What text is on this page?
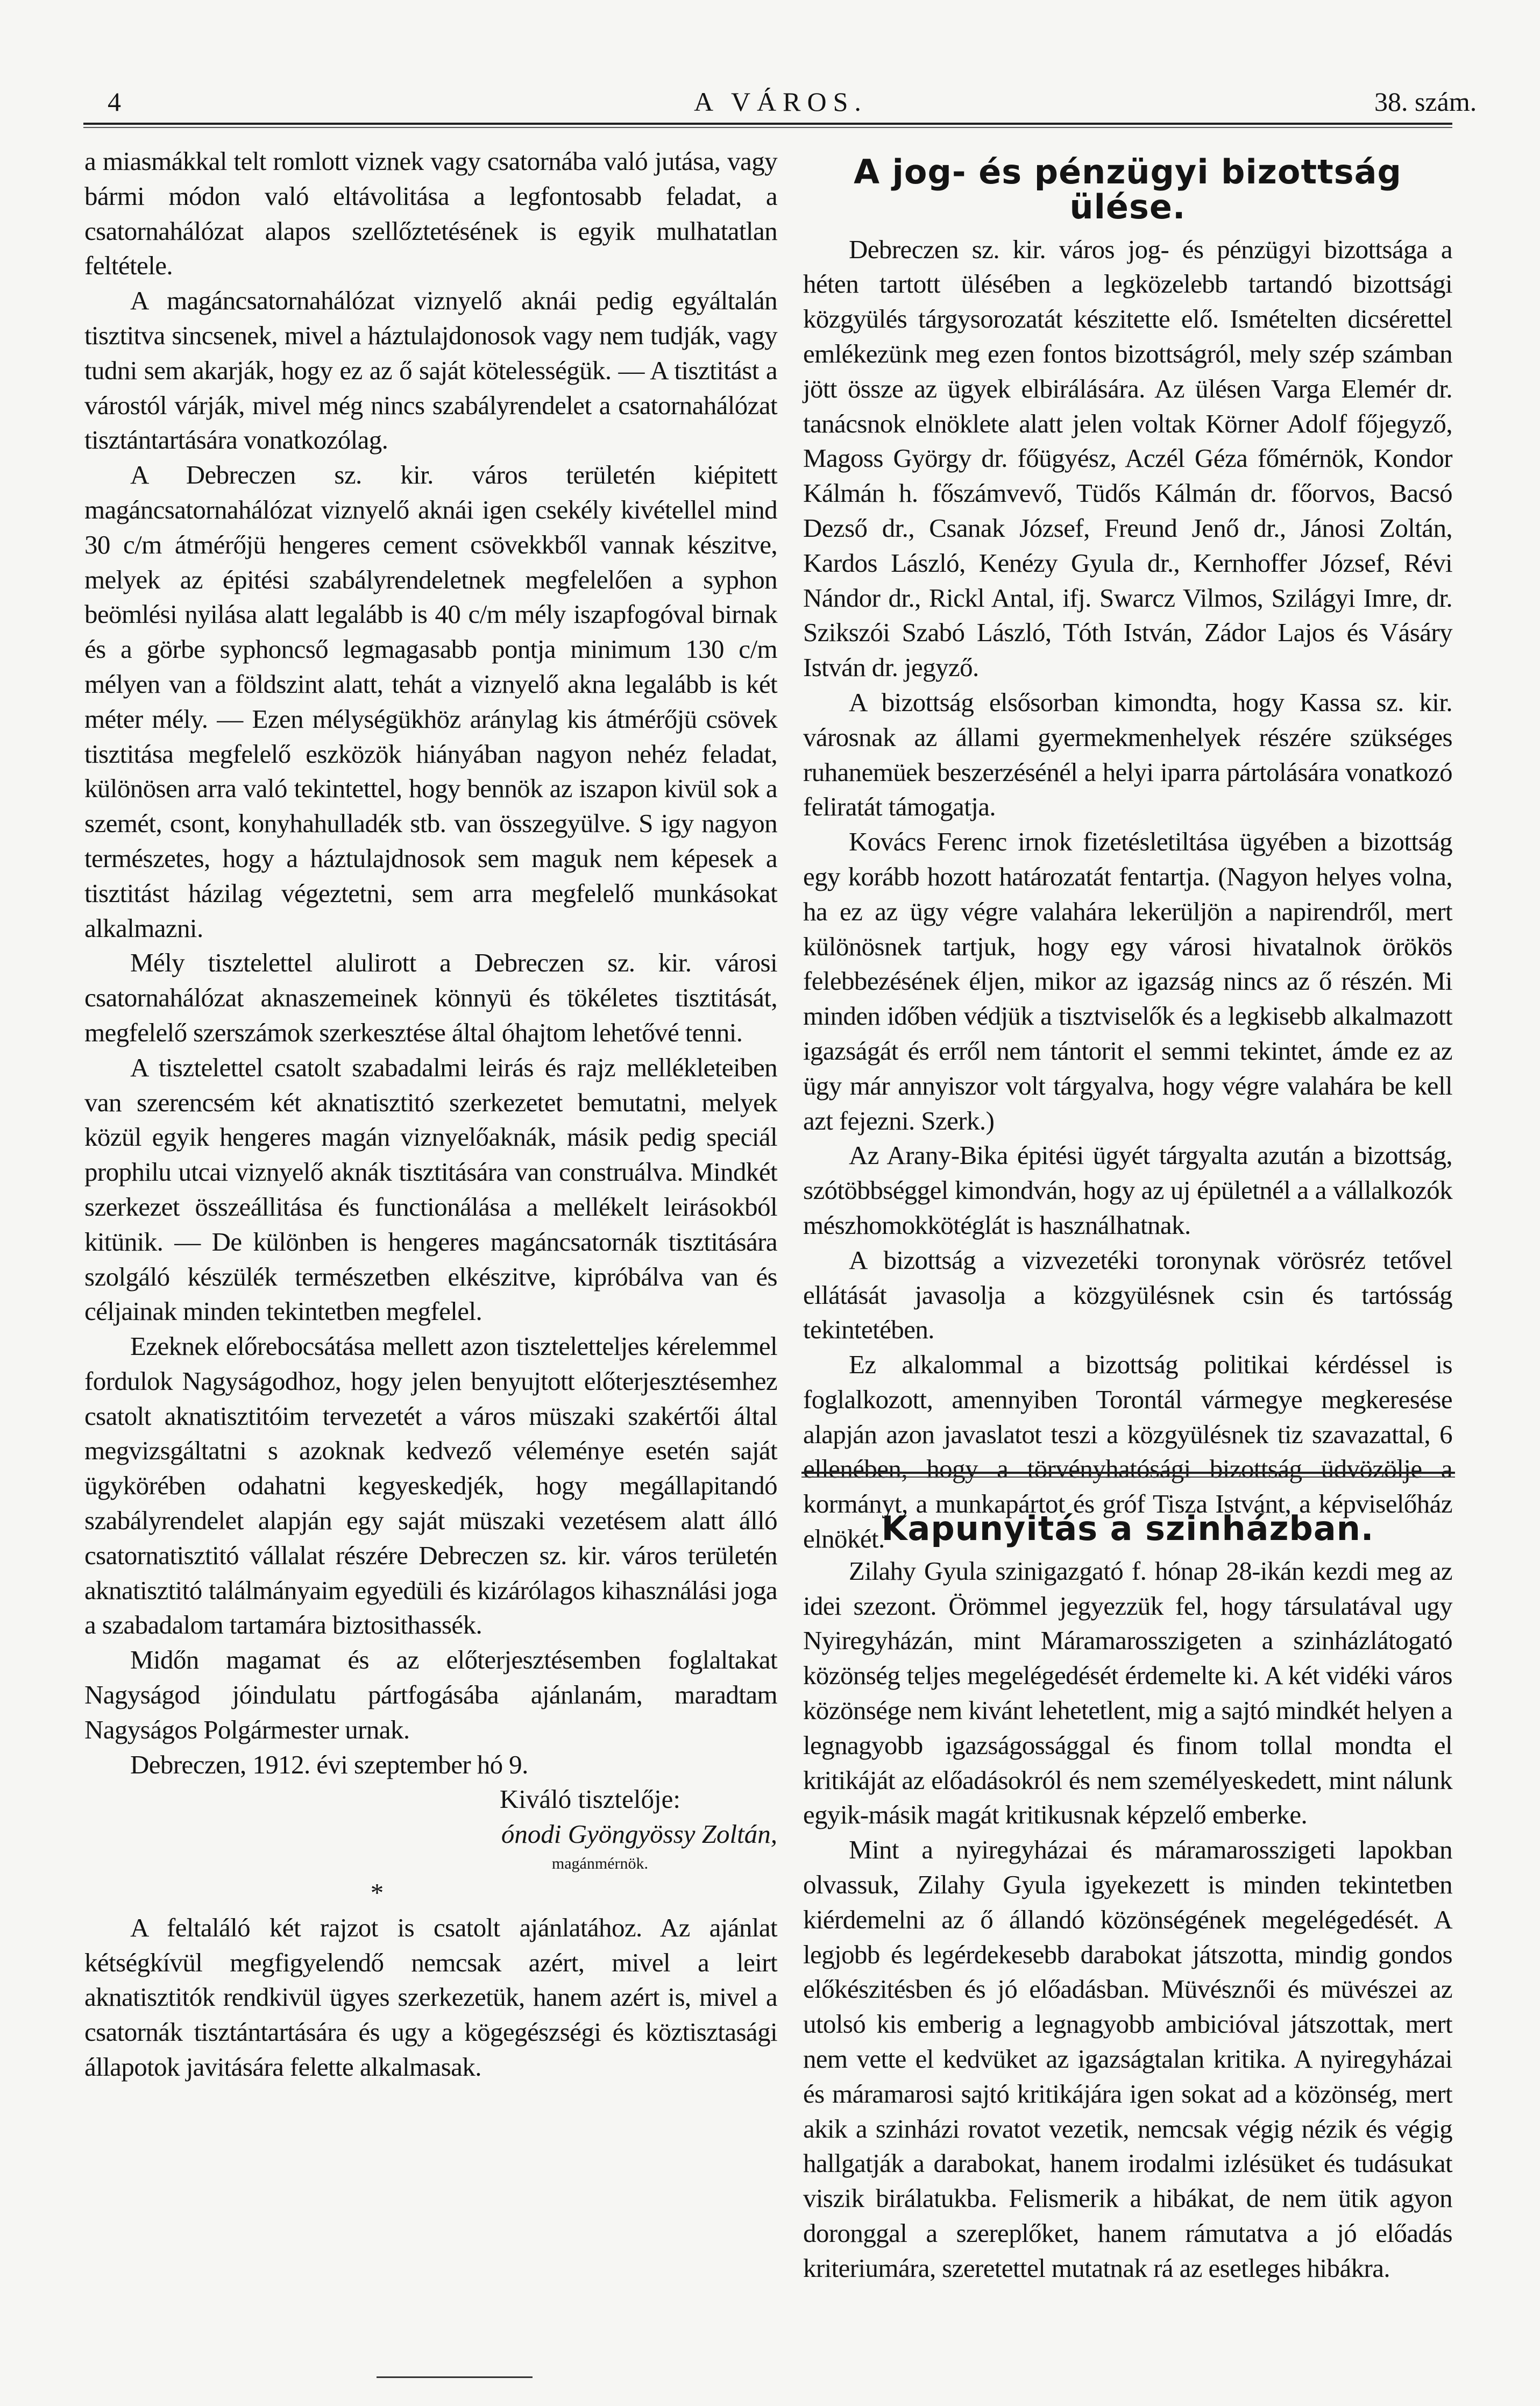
4	A VÁROS.	38. szám.

a miasmákkal telt romlott viznek vagy csatornába való jutása, vagy bármi módon való eltávolitása a legfontosabb feladat, a csatornahálózat alapos szellőztetésének is egyik mulhatatlan feltétele.

A magáncsatornahálózat viznyelő aknái pedig egyáltalán tisztitva sincsenek, mivel a háztulajdonosok vagy nem tudják, vagy tudni sem akarják, hogy ez az ő saját kötelességük. — A tisztitást a várostól várják, mivel még nincs szabályrendelet a csatornahálózat tisztántartására vonatkozólag.

A Debreczen sz. kir. város területén kiépitett magáncsatornahálózat viznyelő aknái igen csekély kivétellel mind 30 c/m átmérőjü hengeres cement csövekkből vannak készitve, melyek az épitési szabályrendeletnek megfelelően a syphon beömlési nyilása alatt legalább is 40 c/m mély iszapfogóval birnak és a görbe syphoncső legmagasabb pontja minimum 130 c/m mélyen van a földszint alatt, tehát a viznyelő akna legalább is két méter mély. — Ezen mélységükhöz aránylag kis átmérőjü csövek tisztitása megfelelő eszközök hiányában nagyon nehéz feladat, különösen arra való tekintettel, hogy bennök az iszapon kivül sok a szemét, csont, konyhahulladék stb. van összegyülve. S igy nagyon természetes, hogy a háztulajdnosok sem maguk nem képesek a tisztitást házilag végeztetni, sem arra megfelelő munkásokat alkalmazni.

Mély tisztelettel alulirott a Debreczen sz. kir. városi csatornahálózat aknaszemeinek könnyü és tökéletes tisztitását, megfelelő szerszámok szerkesztése által óhajtom lehetővé tenni.

A tisztelettel csatolt szabadalmi leirás és rajz mellékleteiben van szerencsém két aknatisztitó szerkezetet bemutatni, melyek közül egyik hengeres magán viznyelőaknák, másik pedig speciál prophilu utcai viznyelő aknák tisztitására van construálva. Mindkét szerkezet összeállitása és functionálása a mellékelt leirásokból kitünik. — De különben is hengeres magáncsatornák tisztitására szolgáló készülék természetben elkészitve, kipróbálva van és céljainak minden tekintetben megfelel.

Ezeknek előrebocsátása mellett azon tiszteletteljes kérelemmel fordulok Nagyságodhoz, hogy jelen benyujtott előterjesztésemhez csatolt aknatisztitóim tervezetét a város müszaki szakértői által megvizsgáltatni s azoknak kedvező véleménye esetén saját ügykörében odahatni kegyeskedjék, hogy megállapitandó szabályrendelet alapján egy saját müszaki vezetésem alatt álló csatornatisztitó vállalat részére Debreczen sz. kir. város területén aknatisztitó találmányaim egyedüli és kizárólagos kihasználási joga a szabadalom tartamára biztosithassék.

Midőn magamat és az előterjesztésemben foglaltakat Nagyságod jóindulatu pártfogásába ajánlanám, maradtam Nagyságos Polgármester urnak.

Debreczen, 1912. évi szeptember hó 9.

Kiváló tisztelője:
ónodi Gyöngyössy Zoltán,
magánmérnök.
*

A feltaláló két rajzot is csatolt ajánlatához. Az ajánlat kétségkívül megfigyelendő nemcsak azért, mivel a leirt aknatisztitók rendkivül ügyes szerkezetük, hanem azért is, mivel a csatornák tisztántartására és ugy a kögegészségi és köztisztasági állapotok javitására felette alkalmasak.

A jog- és pénzügyi bizottság ülése.

Debreczen sz. kir. város jog- és pénzügyi bizottsága a héten tartott ülésében a legközelebb tartandó bizottsági közgyülés tárgysorozatát készitette elő. Ismételten dicsérettel emlékezünk meg ezen fontos bizottságról, mely szép számban jött össze az ügyek elbirálására. Az ülésen Varga Elemér dr. tanácsnok elnöklete alatt jelen voltak Körner Adolf főjegyző, Magoss György dr. főügyész, Aczél Géza főmérnök, Kondor Kálmán h. főszámvevő, Tüdős Kálmán dr. főorvos, Bacsó Dezső dr., Csanak József, Freund Jenő dr., Jánosi Zoltán, Kardos László, Kenézy Gyula dr., Kernhoffer József, Révi Nándor dr., Rickl Antal, ifj. Swarcz Vilmos, Szilágyi Imre, dr. Szikszói Szabó László, Tóth István, Zádor Lajos és Vásáry István dr. jegyző.

A bizottság elsősorban kimondta, hogy Kassa sz. kir. városnak az állami gyermekmenhelyek részére szükséges ruhanemüek beszerzésénél a helyi iparra pártolására vonatkozó feliratát támogatja.

Kovács Ferenc irnok fizetésletiltása ügyében a bizottság egy korább hozott határozatát fentartja. (Nagyon helyes volna, ha ez az ügy végre valahára lekerüljön a napirendről, mert különösnek tartjuk, hogy egy városi hivatalnok örökös felebbezésének éljen, mikor az igazság nincs az ő részén. Mi minden időben védjük a tisztviselők és a legkisebb alkalmazott igazságát és erről nem tántorit el semmi tekintet, ámde ez az ügy már annyiszor volt tárgyalva, hogy végre valahára be kell azt fejezni. Szerk.)

Az Arany-Bika épitési ügyét tárgyalta azután a bizottság, szótöbbséggel kimondván, hogy az uj épületnél a a vállalkozók mészhomokkötéglát is használhatnak.

A bizottság a vizvezetéki toronynak vörösréz tetővel ellátását javasolja a közgyülésnek csin és tartósság tekintetében.

Ez alkalommal a bizottság politikai kérdéssel is foglalkozott, amennyiben Torontál vármegye megkeresése alapján azon javaslatot teszi a közgyülésnek tiz szavazattal, 6 ellenében, hogy a törvényhatósági bizottság üdvözölje a kormányt, a munkapártot és gróf Tisza Istvánt, a képviselőház elnökét.

Kapunyitás a szinházban.

Zilahy Gyula szinigazgató f. hónap 28-ikán kezdi meg az idei szezont. Örömmel jegyezzük fel, hogy társulatával ugy Nyiregyházán, mint Máramarosszigeten a szinházlátogató közönség teljes megelégedését érdemelte ki. A két vidéki város közönsége nem kivánt lehetetlent, mig a sajtó mindkét helyen a legnagyobb igazságossággal és finom tollal mondta el kritikáját az előadásokról és nem személyeskedett, mint nálunk egyik-másik magát kritikusnak képzelő emberke.

Mint a nyiregyházai és máramarosszigeti lapokban olvassuk, Zilahy Gyula igyekezett is minden tekintetben kiérdemelni az ő állandó közönségének megelégedését. A legjobb és legérdekesebb darabokat játszotta, mindig gondos előkészitésben és jó előadásban. Müvésznői és müvészei az utolsó kis emberig a legnagyobb ambicióval játszottak, mert nem vette el kedvüket az igazságtalan kritika. A nyiregyházai és máramarosi sajtó kritikájára igen sokat ad a közönség, mert akik a szinházi rovatot vezetik, nemcsak végig nézik és végig hallgatják a darabokat, hanem irodalmi izlésüket és tudásukat viszik birálatukba. Felismerik a hibákat, de nem ütik agyon doronggal a szereplőket, hanem rámutatva a jó előadás kriteriumára, szeretettel mutatnak rá az esetleges hibákra.
